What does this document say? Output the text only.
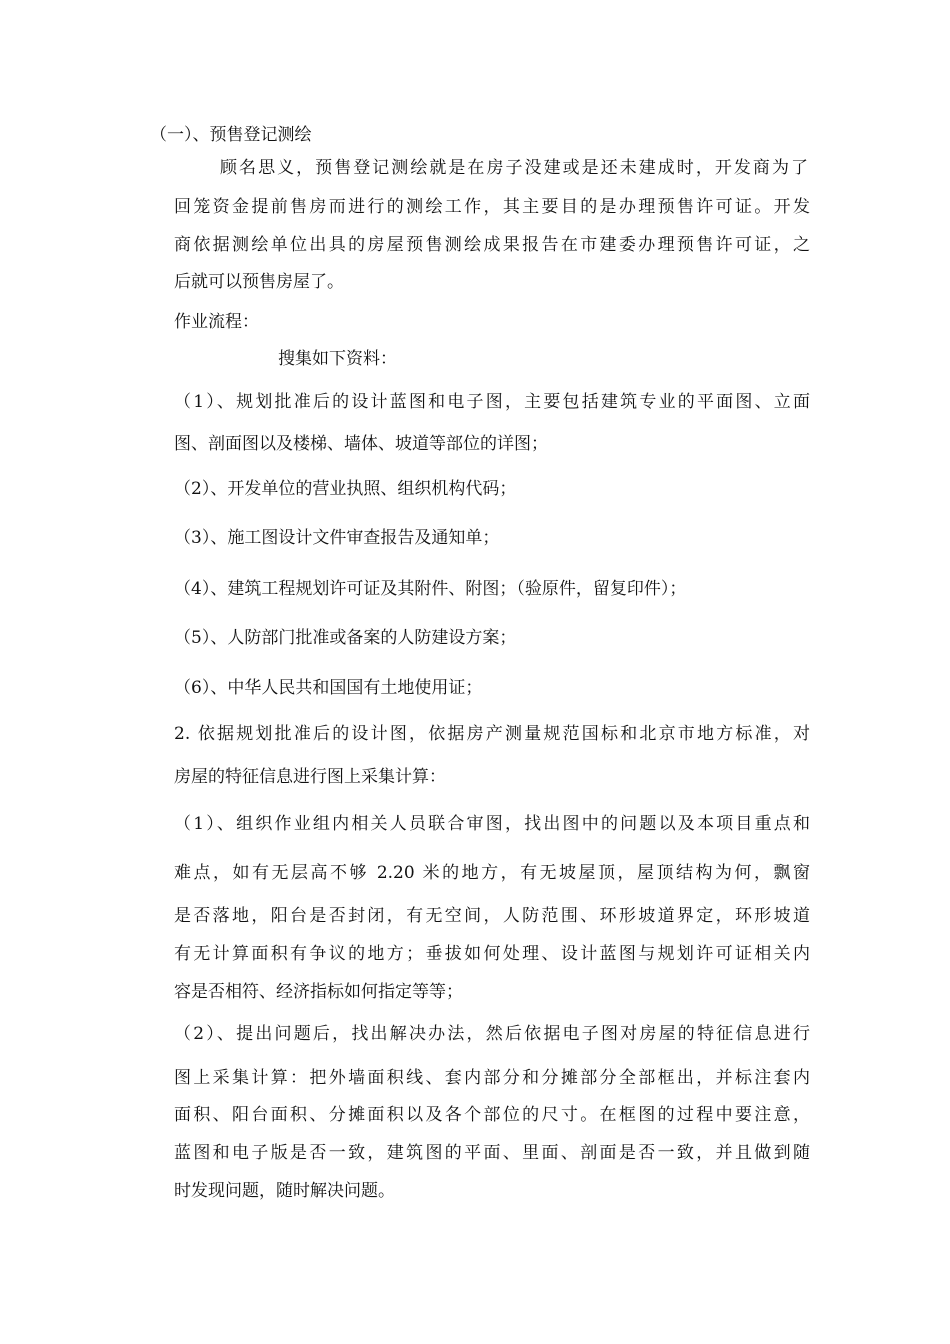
（一）、预售登记测绘
顾名思义，预售登记测绘就是在房子没建或是还未建成时，开发商为了
回笼资金提前售房而进行的测绘工作，其主要目的是办理预售许可证。开发
商依据测绘单位出具的房屋预售测绘成果报告在市建委办理预售许可证，之
后就可以预售房屋了。
作业流程：
搜集如下资料：
（1）、规划批准后的设计蓝图和电子图，主要包括建筑专业的平面图、立面
图、剖面图以及楼梯、墙体、坡道等部位的详图；
（2）、开发单位的营业执照、组织机构代码；
（3）、施工图设计文件审查报告及通知单；
（4）、建筑工程规划许可证及其附件、附图；（验原件，留复印件）；
（5）、人防部门批准或备案的人防建设方案；
（6）、中华人民共和国国有土地使用证；
2. 依据规划批准后的设计图，依据房产测量规范国标和北京市地方标准，对
房屋的特征信息进行图上采集计算：
（1）、组织作业组内相关人员联合审图，找出图中的问题以及本项目重点和
难点，如有无层高不够 2.20 米的地方，有无坡屋顶，屋顶结构为何，飘窗
是否落地，阳台是否封闭，有无空间，人防范围、环形坡道界定，环形坡道
有无计算面积有争议的地方；垂拔如何处理、设计蓝图与规划许可证相关内
容是否相符、经济指标如何指定等等；
（2）、提出问题后，找出解决办法，然后依据电子图对房屋的特征信息进行
图上采集计算：把外墙面积线、套内部分和分摊部分全部框出，并标注套内
面积、阳台面积、分摊面积以及各个部位的尺寸。在框图的过程中要注意，
蓝图和电子版是否一致，建筑图的平面、里面、剖面是否一致，并且做到随
时发现问题，随时解决问题。
